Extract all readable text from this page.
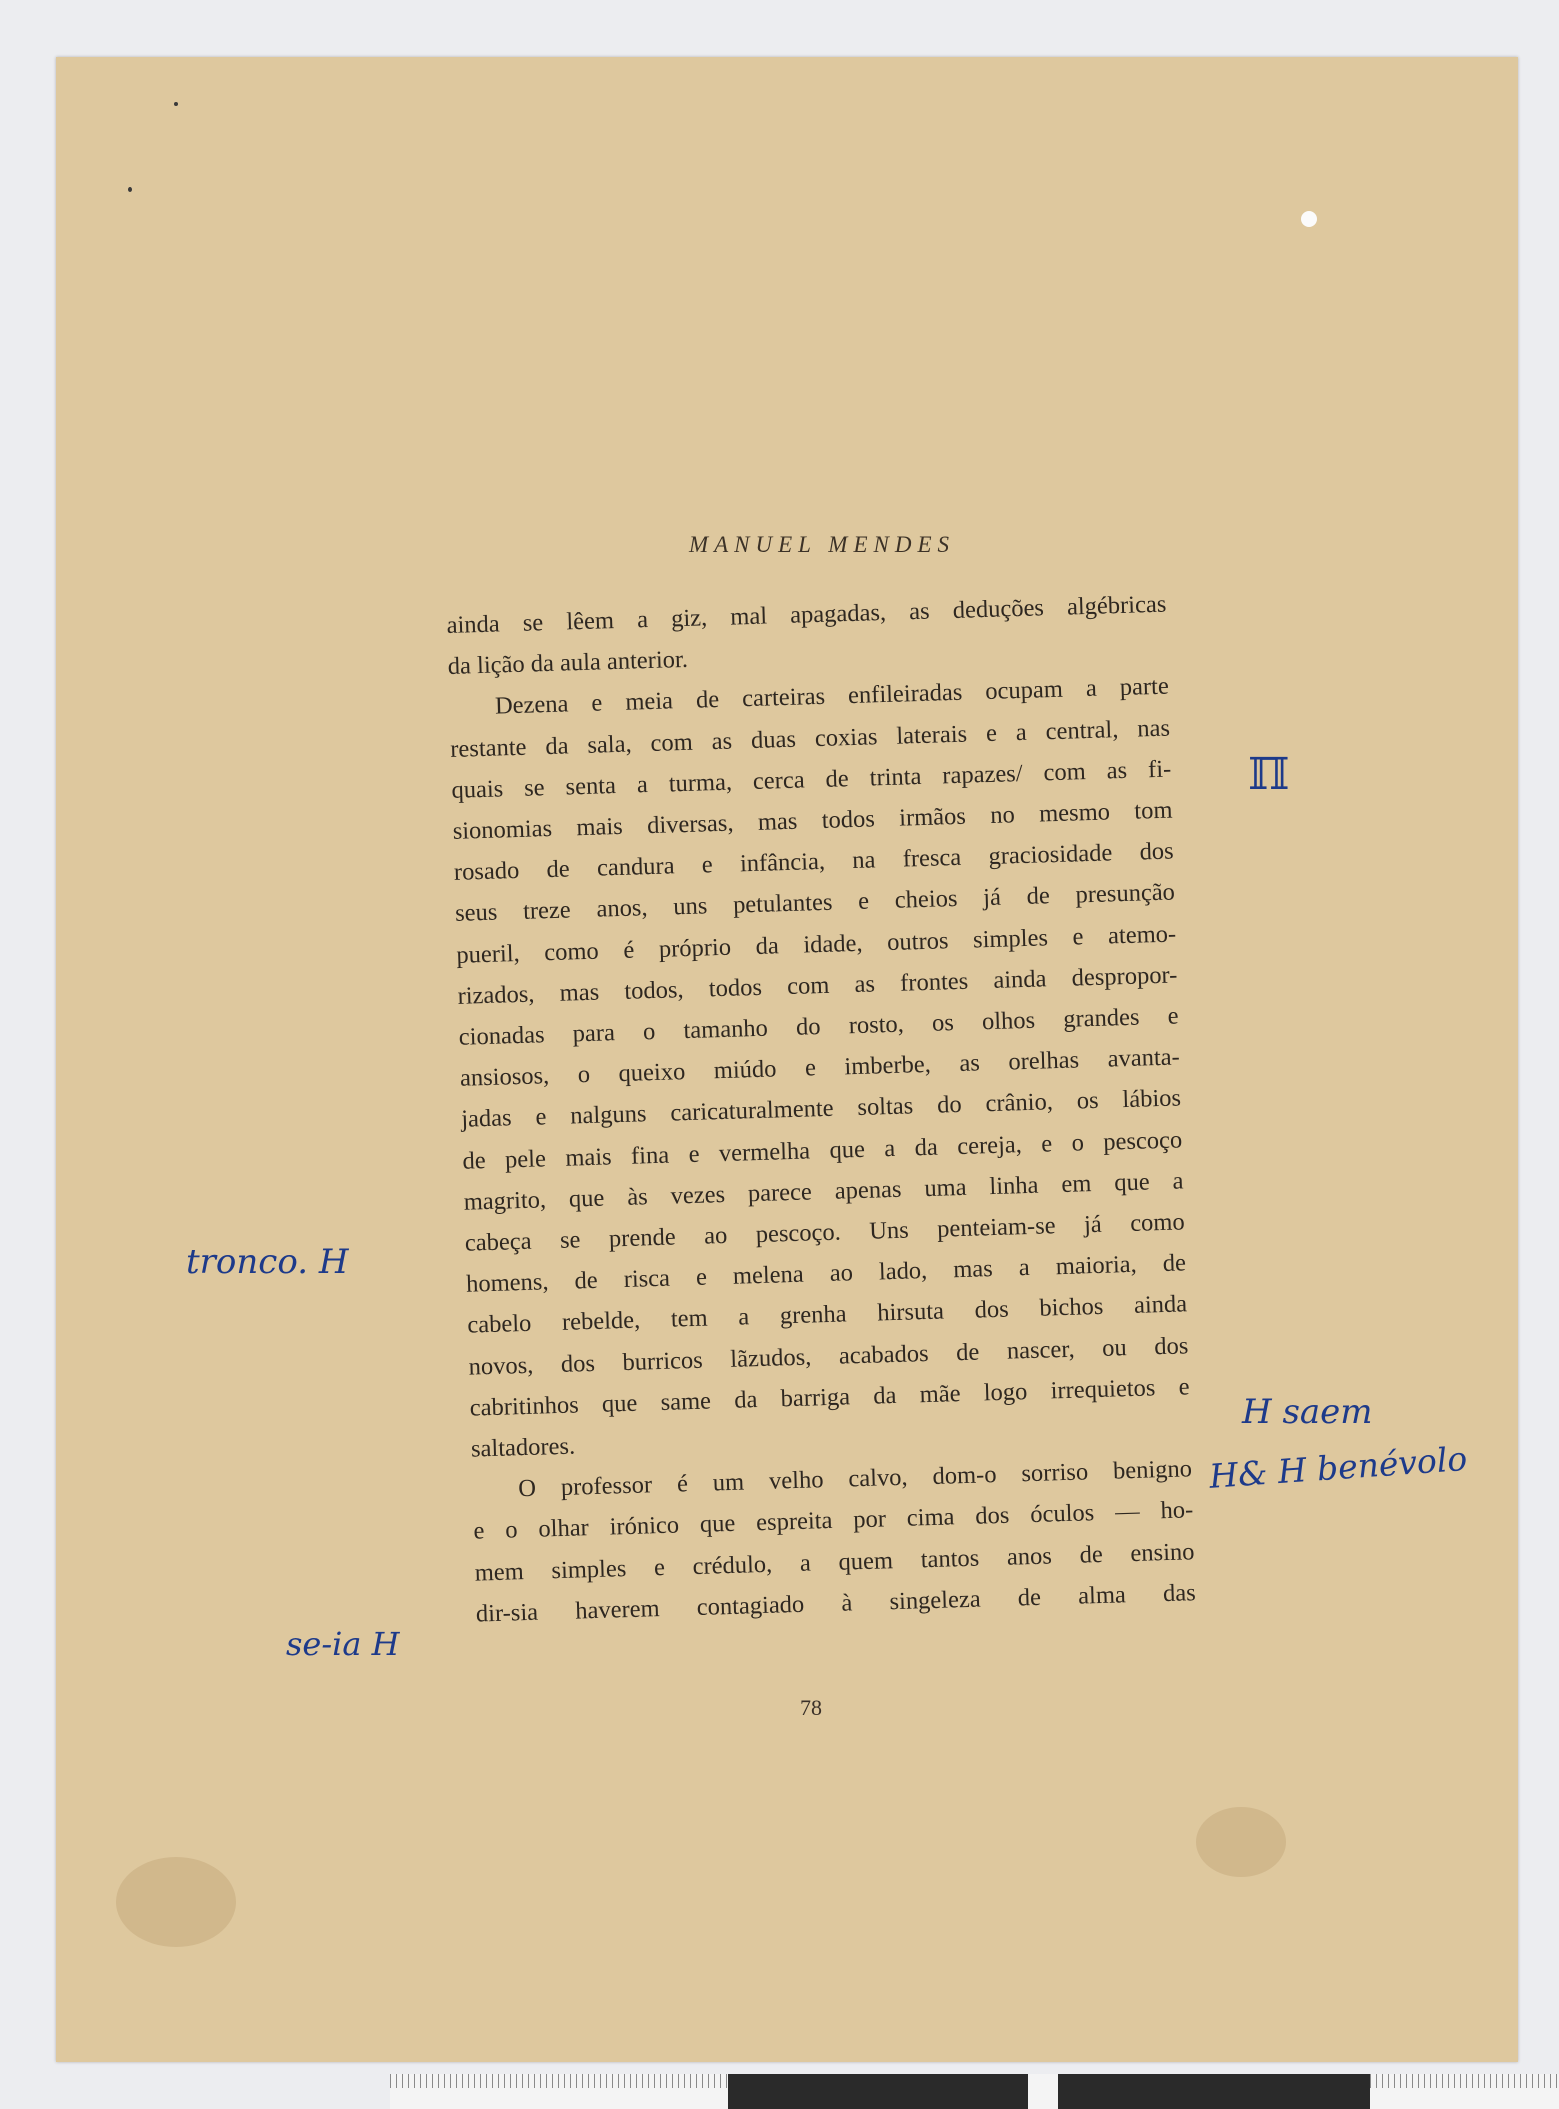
MANUEL MENDES
ainda se lêem a giz, mal apagadas, as deduções algébricas
da lição da aula anterior.
Dezena e meia de carteiras enfileiradas ocupam a parte
restante da sala, com as duas coxias laterais e a central, nas
quais se senta a turma, cerca de trinta rapazes/ com as fi-
sionomias mais diversas, mas todos irmãos no mesmo tom
rosado de candura e infância, na fresca graciosidade dos
seus treze anos, uns petulantes e cheios já de presunção
pueril, como é próprio da idade, outros simples e atemo-
rizados, mas todos, todos com as frontes ainda despropor-
cionadas para o tamanho do rosto, os olhos grandes e
ansiosos, o queixo miúdo e imberbe, as orelhas avanta-
jadas e nalguns caricaturalmente soltas do crânio, os lábios
de pele mais fina e vermelha que a da cereja, e o pescoço
magrito, que às vezes parece apenas uma linha em que a
cabeça se prende ao pescoço. Uns penteiam-se já como
homens, de risca e melena ao lado, mas a maioria, de
cabelo rebelde, tem a grenha hirsuta dos bichos ainda
novos, dos burricos lãzudos, acabados de nascer, ou dos
cabritinhos que same da barriga da mãe logo irrequietos e
saltadores.
O professor é um velho calvo, dom-o sorriso benigno
e o olhar irónico que espreita por cima dos óculos — ho-
mem simples e crédulo, a quem tantos anos de ensino
dir-sia haverem contagiado à singeleza de alma das
78
ℿ
tronco. H
H saem
H& H benévolo
se-ia H
